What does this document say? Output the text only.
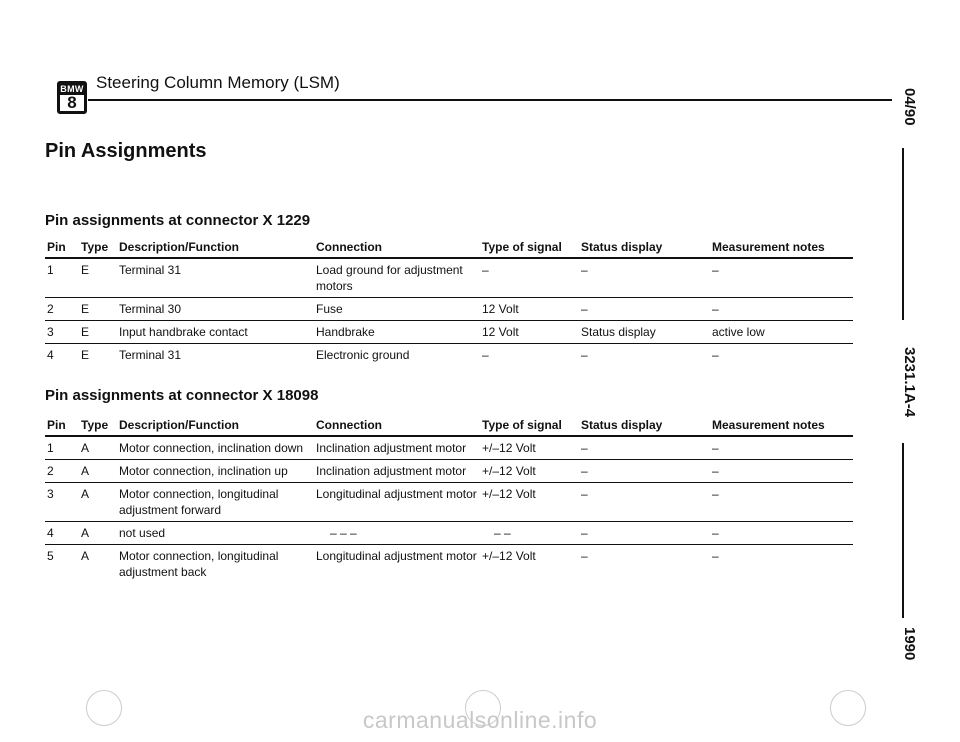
BMW
8
Steering Column Memory (LSM)
Pin Assignments
04/90
3231.1A-4
1990
Pin assignments at connector X 1229
Pin	Type	Description/Function	Connection	Type of signal	Status display	Measurement notes
1	E	Terminal 31	Load ground for adjustment motors	–	–	–
2	E	Terminal 30	Fuse	12 Volt	–	–
3	E	Input handbrake contact	Handbrake	12 Volt	Status display	active low
4	E	Terminal 31	Electronic ground	–	–	–
Pin assignments at connector X 18098
Pin	Type	Description/Function	Connection	Type of signal	Status display	Measurement notes
1	A	Motor connection, inclination down	Inclination adjustment motor	+/–12 Volt	–	–
2	A	Motor connection, inclination up	Inclination adjustment motor	+/–12 Volt	–	–
3	A	Motor connection, longitudinal adjustment forward	Longitudinal adjustment motor	+/–12 Volt	–	–
4	A	not used	– – –	– –	–	–
5	A	Motor connection, longitudinal adjustment back	Longitudinal adjustment motor	+/–12 Volt	–	–
carmanualsonline.info
